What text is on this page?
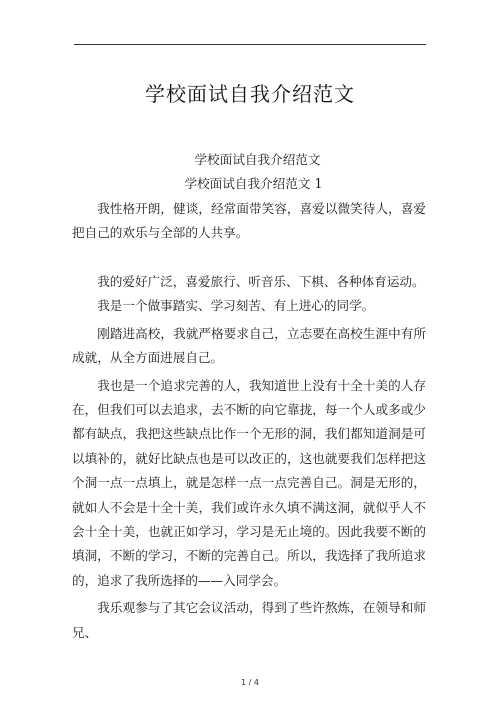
学校面试自我介绍范文

学校面试自我介绍范文

学校面试自我介绍范文 1

我性格开朗，健谈，经常面带笑容，喜爱以微笑待人，喜爱把自己的欢乐与全部的人共享。

我的爱好广泛，喜爱旅行、听音乐、下棋、各种体育运动。

我是一个做事踏实、学习刻苦、有上进心的同学。

刚踏进高校，我就严格要求自己，立志要在高校生涯中有所成就，从全方面进展自己。

我也是一个追求完善的人，我知道世上没有十全十美的人存在，但我们可以去追求，去不断的向它靠拢，每一个人或多或少都有缺点，我把这些缺点比作一个无形的洞，我们都知道洞是可以填补的，就好比缺点也是可以改正的，这也就要我们怎样把这个洞一点一点填上，就是怎样一点一点完善自己。洞是无形的，就如人不会是十全十美，我们或许永久填不满这洞，就似乎人不会十全十美，也就正如学习，学习是无止境的。因此我要不断的填洞，不断的学习，不断的完善自己。所以，我选择了我所追求的，追求了我所选择的——入同学会。

我乐观参与了其它会议活动，得到了些许熬炼，在领导和师兄、

1 / 4
